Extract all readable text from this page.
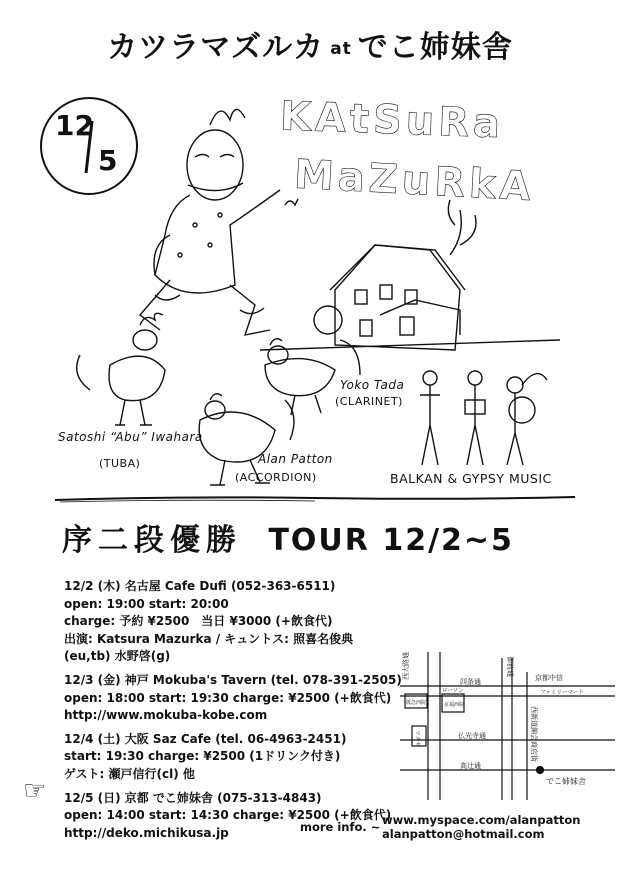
カツラマズルカ at でこ姉妹舎
12
5
KAtSuRa
MaZuRkA
Satoshi “Abu” Iwahara
(TUBA)	Alan Patton
(ACCORDION)
Yoko Tada
(CLARINET)
BALKAN & GYPSY MUSIC
序二段優勝 TOUR 12/2~5
12/2 (木) 名古屋 Cafe Dufi (052-363-6511)
open: 19:00 start: 20:00
charge: 予約 ¥2500　当日 ¥3000 (+飲食代)
出演: Katsura Mazurka / キュントス: 照喜名俊典
(eu,tb) 水野啓(g)
12/3 (金) 神戸 Mokuba's Tavern (tel. 078-391-2505)
open: 18:00 start: 19:30 charge: ¥2500 (+飲食代)
http://www.mokuba-kobe.com
12/4 (土) 大阪 Saz Cafe (tel. 06-4963-2451)
start: 19:30 charge: ¥2500 (1ドリンク付き)
ゲスト: 瀬戸信行(cl) 他
12/5 (日) 京都 でこ姉妹舎 (075-313-4843)
open: 14:00 start: 14:30 charge: ¥2500 (+飲食代)
http://deko.michikusa.jp
☞
西大路通
四条通
御前通
京都中信
阪急西院
ローソン
京福西院
ファミリーマート
西新道錦会商店街
ツタヤ	仏光寺通
高辻通
でこ姉妹舎
more info. ~ www.myspace.com/alanpatton
alanpatton@hotmail.com
